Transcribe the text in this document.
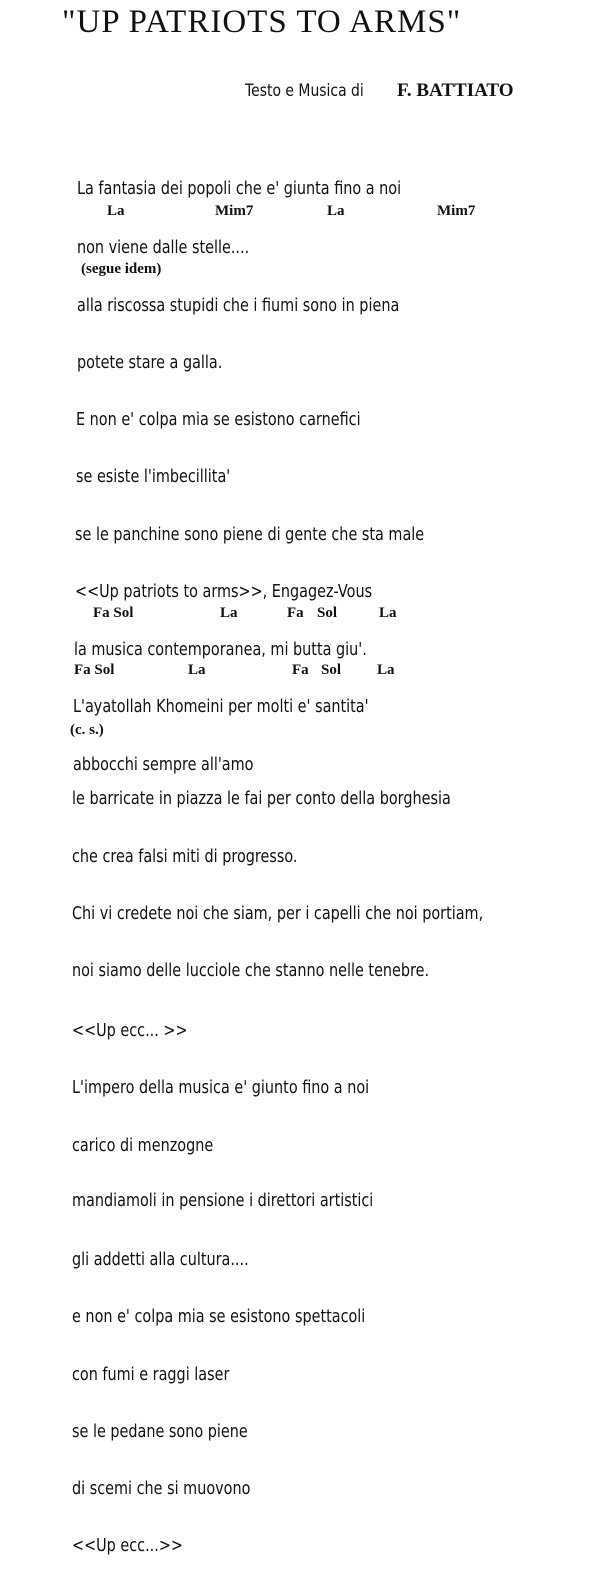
"UP PATRIOTS TO ARMS"
Testo e Musica di F. BATTIATO
La fantasia dei popoli che e' giunta fino a noi
La	Mim7	La	Mim7
non viene dalle stelle....
(segue idem)
alla riscossa stupidi che i fiumi sono in piena
potete stare a galla.
E non e' colpa mia se esistono carnefici
se esiste l'imbecillita'
se le panchine sono piene di gente che sta male
<<Up patriots to arms>>, Engagez-Vous
Fa Sol	La	Fa Sol	La
la musica contemporanea, mi butta giu'.
Fa Sol	La	Fa Sol La
L'ayatollah Khomeini per molti e' santita'
(c. s.)
abbocchi sempre all'amo
le barricate in piazza le fai per conto della borghesia
che crea falsi miti di progresso.
Chi vi credete noi che siam, per i capelli che noi portiam,
noi siamo delle lucciole che stanno nelle tenebre.
<<Up ecc... >>
L'impero della musica e' giunto fino a noi
carico di menzogne
mandiamoli in pensione i direttori artistici
gli addetti alla cultura....
e non e' colpa mia se esistono spettacoli
con fumi e raggi laser
se le pedane sono piene
di scemi che si muovono
<<Up ecc...>>
